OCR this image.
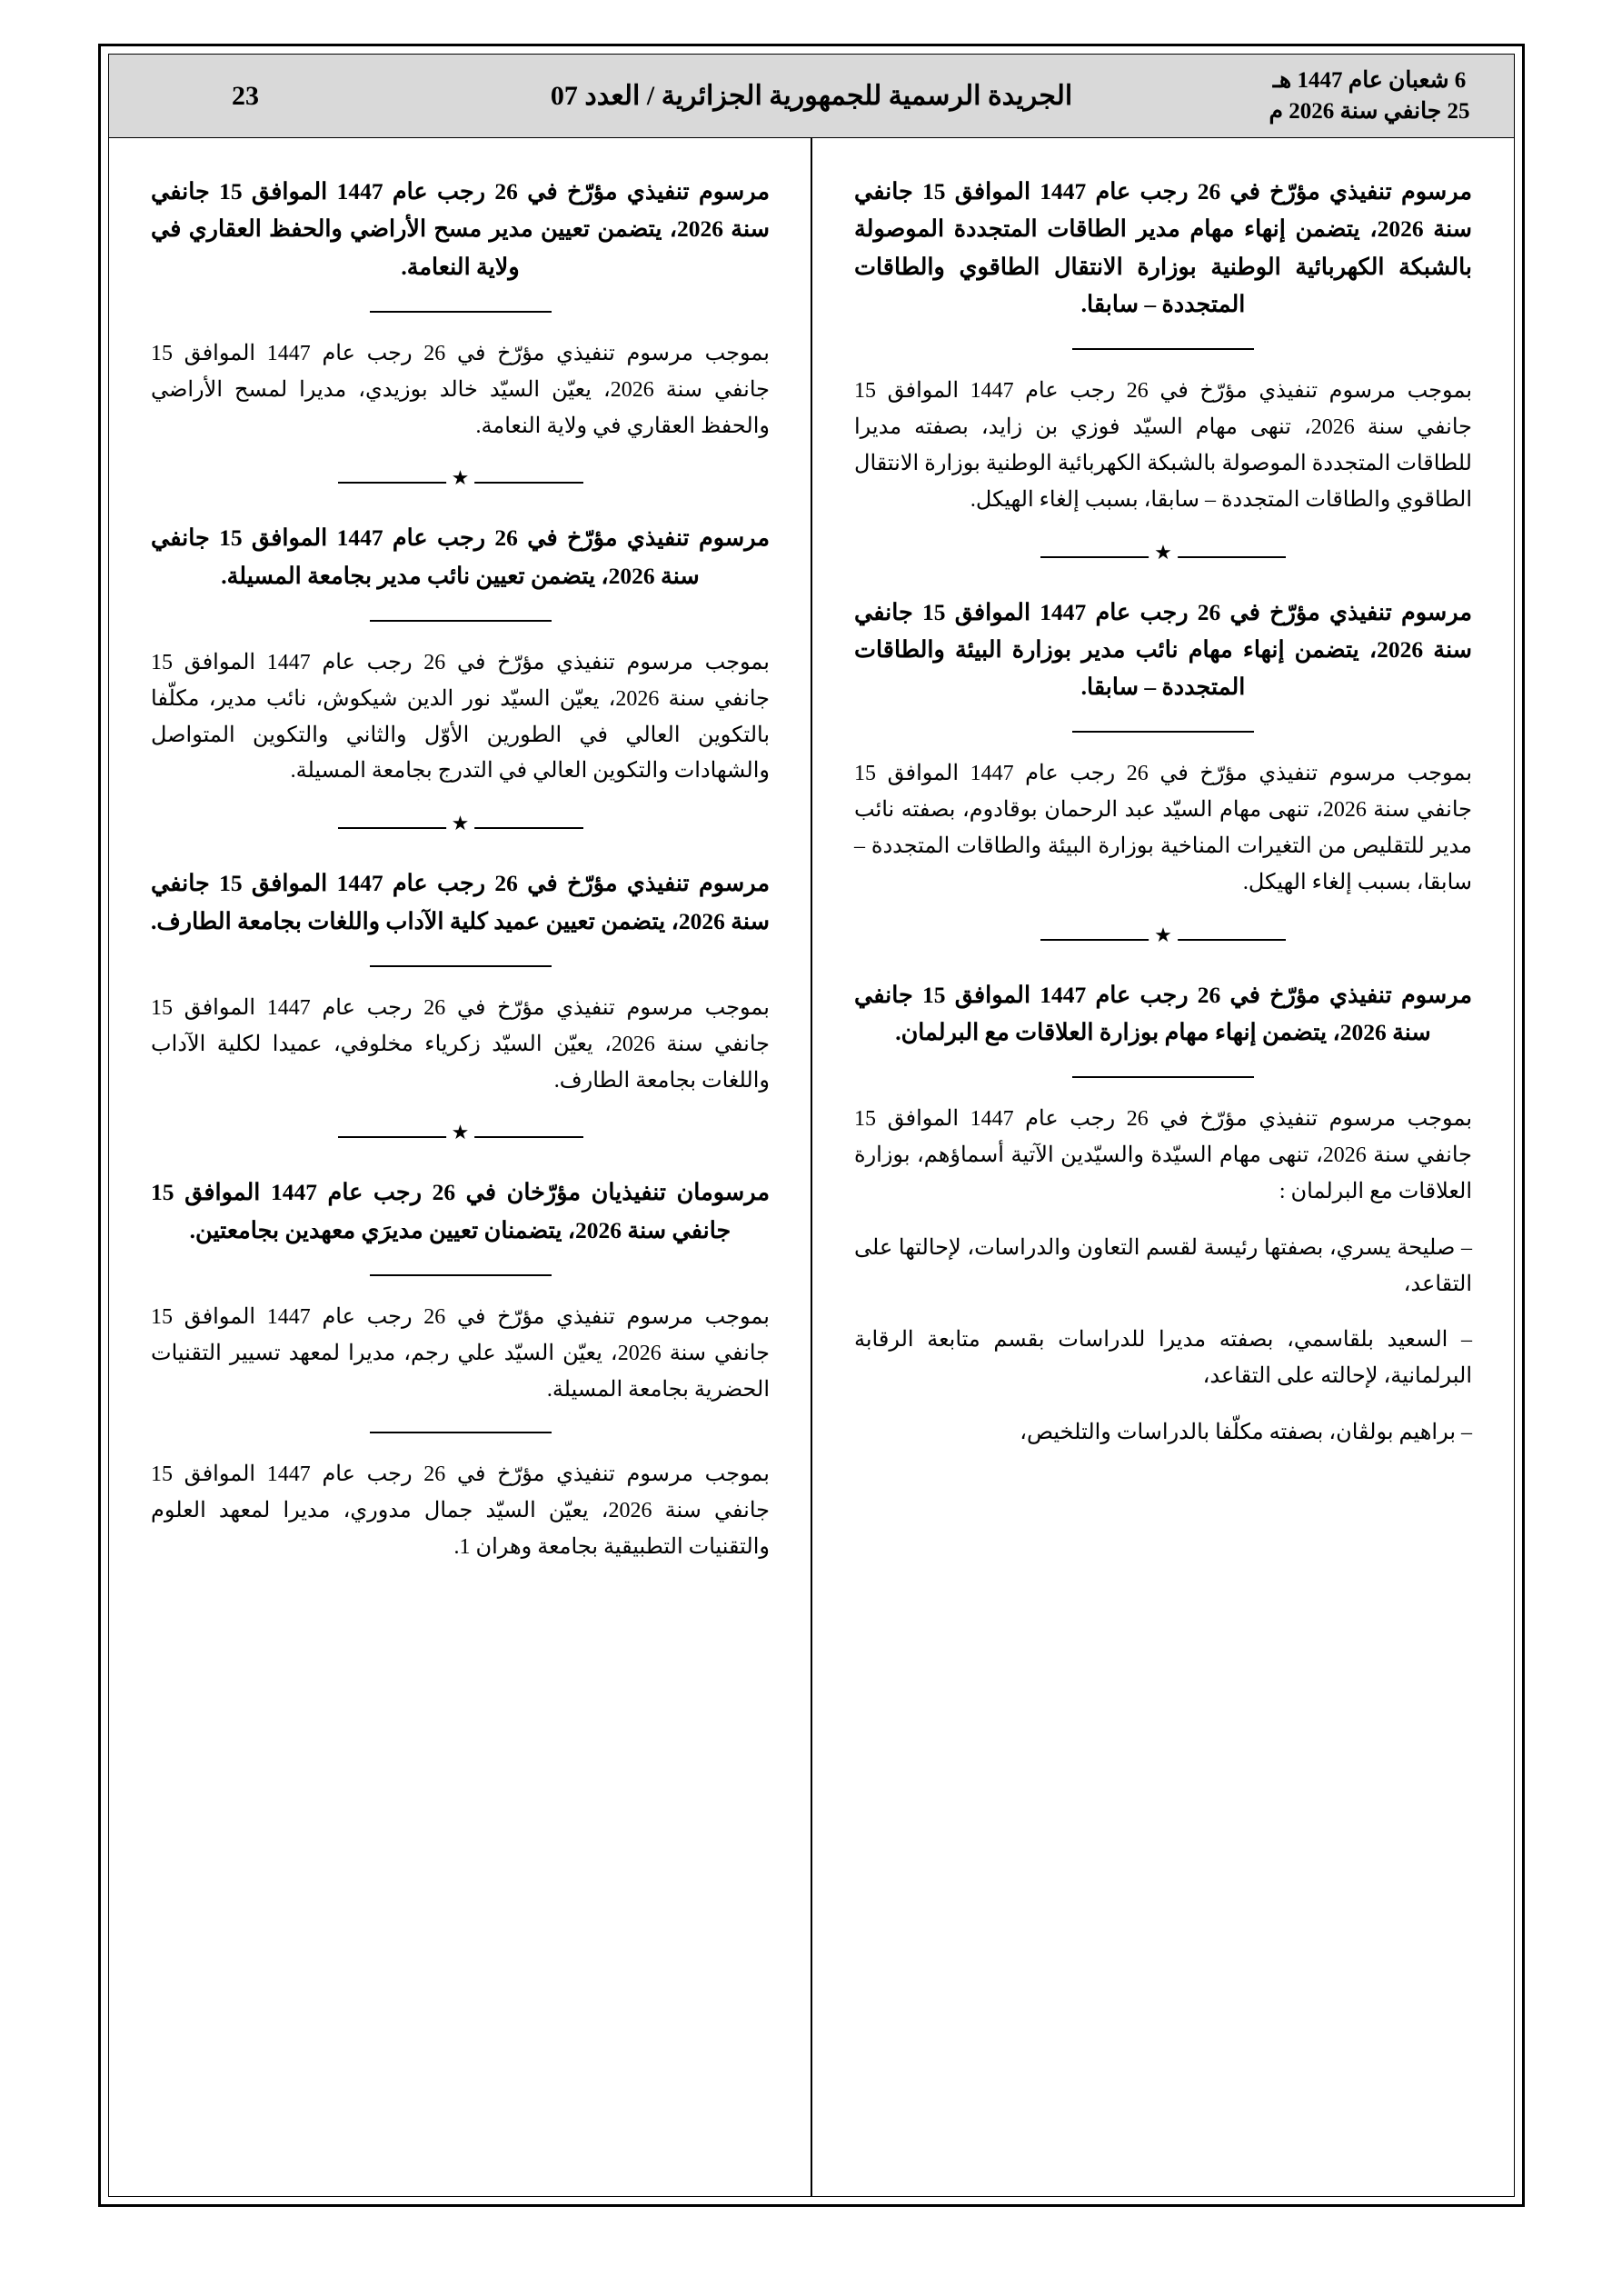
6 شعبان عام 1447 هـ
25 جانفي سنة 2026 م
الجريدة الرسمية للجمهورية الجزائرية / العدد 07
23
مرسوم تنفيذي مؤرّخ في 26 رجب عام 1447 الموافق 15 جانفي سنة 2026، يتضمن إنهاء مهام مدير الطاقات المتجددة الموصولة بالشبكة الكهربائية الوطنية بوزارة الانتقال الطاقوي والطاقات المتجددة – سابقا.
بموجب مرسوم تنفيذي مؤرّخ في 26 رجب عام 1447 الموافق 15 جانفي سنة 2026، تنهى مهام السيّد فوزي بن زايد، بصفته مديرا للطاقات المتجددة الموصولة بالشبكة الكهربائية الوطنية بوزارة الانتقال الطاقوي والطاقات المتجددة – سابقا، بسبب إلغاء الهيكل.
★
مرسوم تنفيذي مؤرّخ في 26 رجب عام 1447 الموافق 15 جانفي سنة 2026، يتضمن إنهاء مهام نائب مدير بوزارة البيئة والطاقات المتجددة – سابقا.
بموجب مرسوم تنفيذي مؤرّخ في 26 رجب عام 1447 الموافق 15 جانفي سنة 2026، تنهى مهام السيّد عبد الرحمان بوقادوم، بصفته نائب مدير للتقليص من التغيرات المناخية بوزارة البيئة والطاقات المتجددة – سابقا، بسبب إلغاء الهيكل.
★
مرسوم تنفيذي مؤرّخ في 26 رجب عام 1447 الموافق 15 جانفي سنة 2026، يتضمن إنهاء مهام بوزارة العلاقات مع البرلمان.
بموجب مرسوم تنفيذي مؤرّخ في 26 رجب عام 1447 الموافق 15 جانفي سنة 2026، تنهى مهام السيّدة والسيّدين الآتية أسماؤهم، بوزارة العلاقات مع البرلمان :
– صليحة يسري، بصفتها رئيسة لقسم التعاون والدراسات، لإحالتها على التقاعد،
– السعيد بلقاسمي، بصفته مديرا للدراسات بقسم متابعة الرقابة البرلمانية، لإحالته على التقاعد،
– براهيم بولڤان، بصفته مكلّفا بالدراسات والتلخيص،
مرسوم تنفيذي مؤرّخ في 26 رجب عام 1447 الموافق 15 جانفي سنة 2026، يتضمن تعيين مدير مسح الأراضي والحفظ العقاري في ولاية النعامة.
بموجب مرسوم تنفيذي مؤرّخ في 26 رجب عام 1447 الموافق 15 جانفي سنة 2026، يعيّن السيّد خالد بوزيدي، مديرا لمسح الأراضي والحفظ العقاري في ولاية النعامة.
★
مرسوم تنفيذي مؤرّخ في 26 رجب عام 1447 الموافق 15 جانفي سنة 2026، يتضمن تعيين نائب مدير بجامعة المسيلة.
بموجب مرسوم تنفيذي مؤرّخ في 26 رجب عام 1447 الموافق 15 جانفي سنة 2026، يعيّن السيّد نور الدين شيكوش، نائب مدير، مكلّفا بالتكوين العالي في الطورين الأوّل والثاني والتكوين المتواصل والشهادات والتكوين العالي في التدرج بجامعة المسيلة.
★
مرسوم تنفيذي مؤرّخ في 26 رجب عام 1447 الموافق 15 جانفي سنة 2026، يتضمن تعيين عميد كلية الآداب واللغات بجامعة الطارف.
بموجب مرسوم تنفيذي مؤرّخ في 26 رجب عام 1447 الموافق 15 جانفي سنة 2026، يعيّن السيّد زكرياء مخلوفي، عميدا لكلية الآداب واللغات بجامعة الطارف.
★
مرسومان تنفيذيان مؤرّخان في 26 رجب عام 1447 الموافق 15 جانفي سنة 2026، يتضمنان تعيين مديرَي معهدين بجامعتين.
بموجب مرسوم تنفيذي مؤرّخ في 26 رجب عام 1447 الموافق 15 جانفي سنة 2026، يعيّن السيّد علي رجم، مديرا لمعهد تسيير التقنيات الحضرية بجامعة المسيلة.
بموجب مرسوم تنفيذي مؤرّخ في 26 رجب عام 1447 الموافق 15 جانفي سنة 2026، يعيّن السيّد جمال مدوري، مديرا لمعهد العلوم والتقنيات التطبيقية بجامعة وهران 1.
